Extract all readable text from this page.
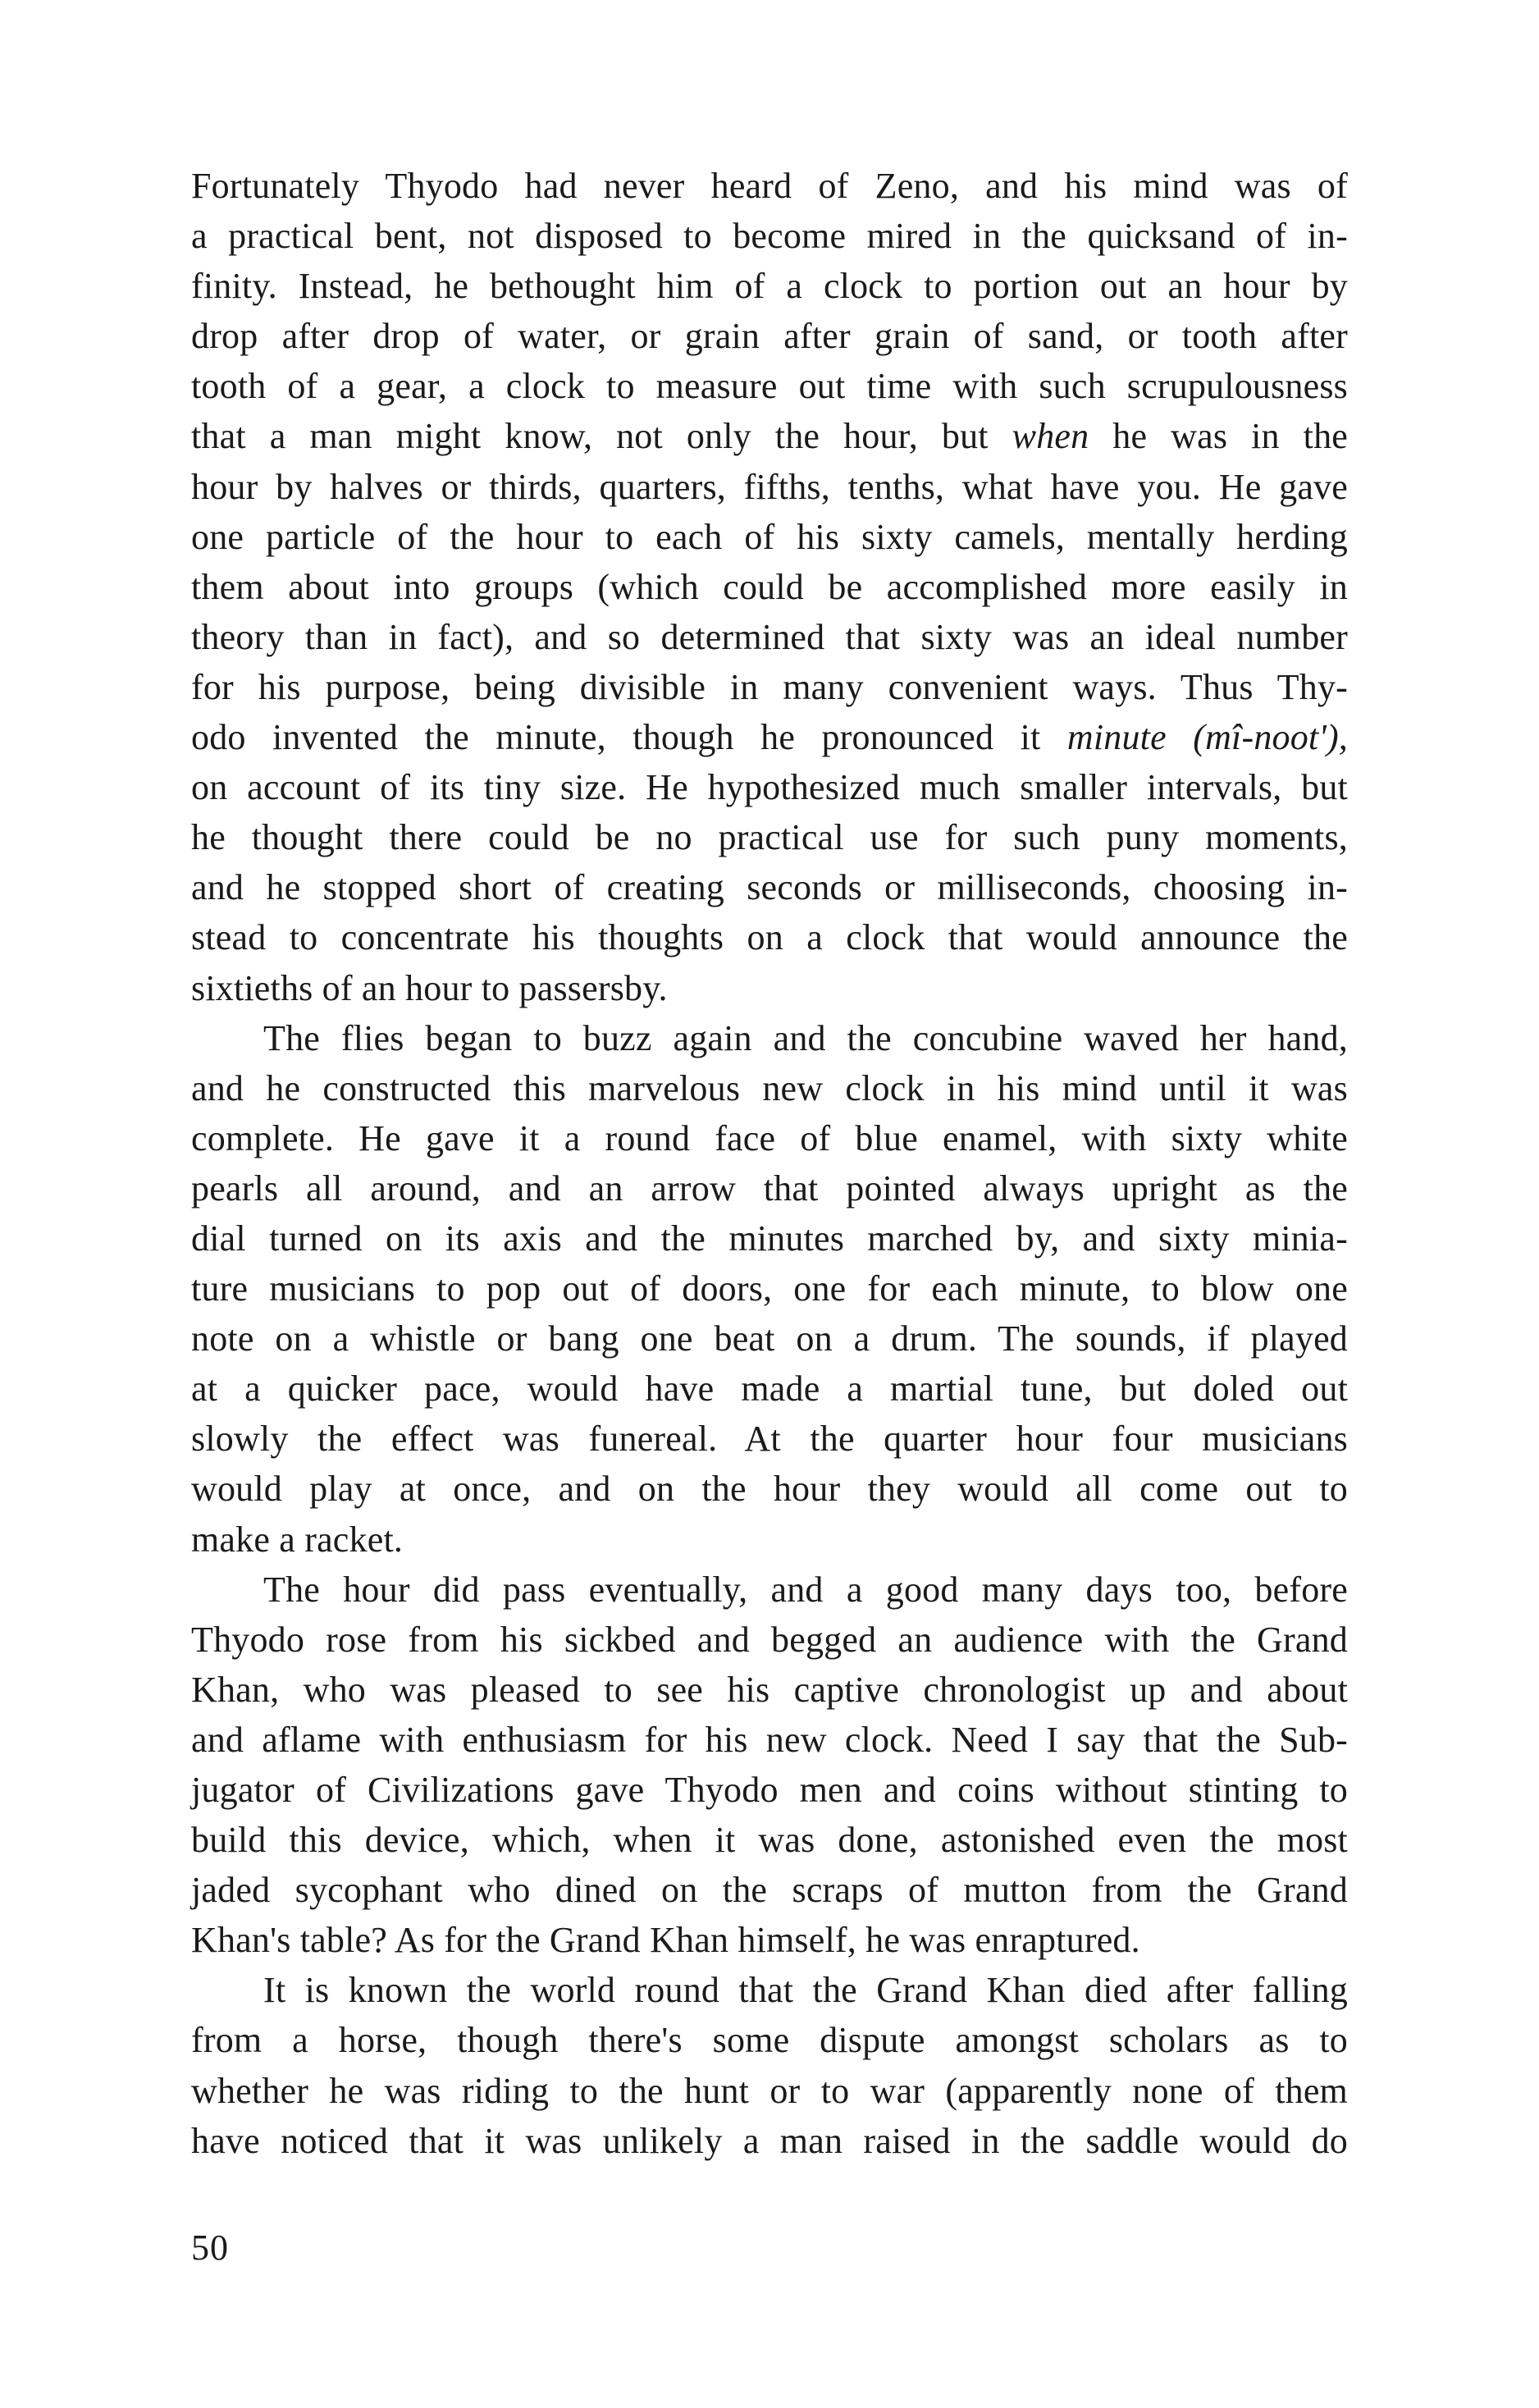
Fortunately Thyodo had never heard of Zeno, and his mind was of
a practical bent, not disposed to become mired in the quicksand of in-
finity. Instead, he bethought him of a clock to portion out an hour by
drop after drop of water, or grain after grain of sand, or tooth after
tooth of a gear, a clock to measure out time with such scrupulousness
that a man might know, not only the hour, but when he was in the
hour by halves or thirds, quarters, fifths, tenths, what have you. He gave
one particle of the hour to each of his sixty camels, mentally herding
them about into groups (which could be accomplished more easily in
theory than in fact), and so determined that sixty was an ideal number
for his purpose, being divisible in many convenient ways. Thus Thy-
odo invented the minute, though he pronounced it minute (mî-noot'),
on account of its tiny size. He hypothesized much smaller intervals, but
he thought there could be no practical use for such puny moments,
and he stopped short of creating seconds or milliseconds, choosing in-
stead to concentrate his thoughts on a clock that would announce the
sixtieths of an hour to passersby.
The flies began to buzz again and the concubine waved her hand,
and he constructed this marvelous new clock in his mind until it was
complete. He gave it a round face of blue enamel, with sixty white
pearls all around, and an arrow that pointed always upright as the
dial turned on its axis and the minutes marched by, and sixty minia-
ture musicians to pop out of doors, one for each minute, to blow one
note on a whistle or bang one beat on a drum. The sounds, if played
at a quicker pace, would have made a martial tune, but doled out
slowly the effect was funereal. At the quarter hour four musicians
would play at once, and on the hour they would all come out to
make a racket.
The hour did pass eventually, and a good many days too, before
Thyodo rose from his sickbed and begged an audience with the Grand
Khan, who was pleased to see his captive chronologist up and about
and aflame with enthusiasm for his new clock. Need I say that the Sub-
jugator of Civilizations gave Thyodo men and coins without stinting to
build this device, which, when it was done, astonished even the most
jaded sycophant who dined on the scraps of mutton from the Grand
Khan's table? As for the Grand Khan himself, he was enraptured.
It is known the world round that the Grand Khan died after falling
from a horse, though there's some dispute amongst scholars as to
whether he was riding to the hunt or to war (apparently none of them
have noticed that it was unlikely a man raised in the saddle would do
50
